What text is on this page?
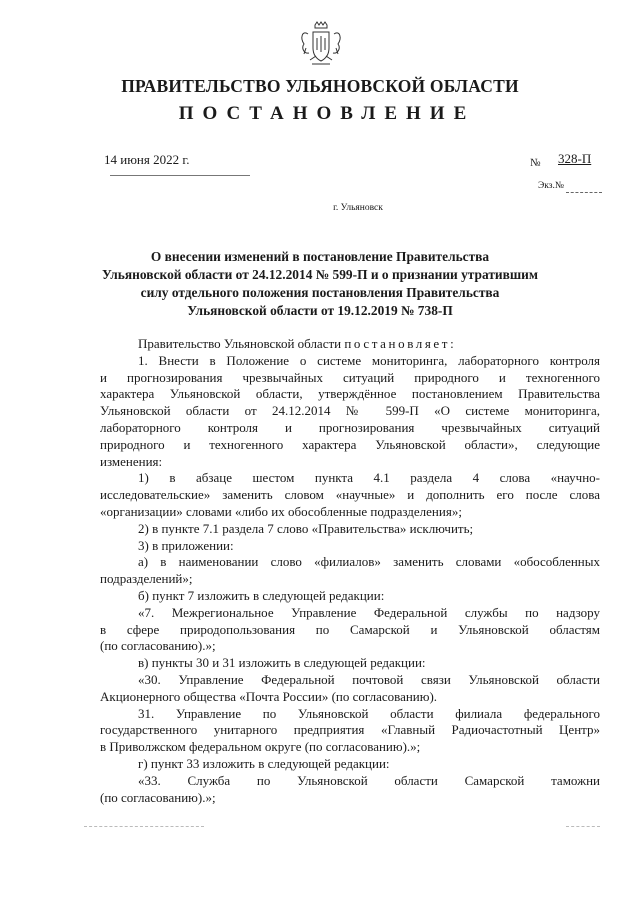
ПРАВИТЕЛЬСТВО УЛЬЯНОВСКОЙ ОБЛАСТИ
ПОСТАНОВЛЕНИЕ
14 июня 2022 г.	№ 328-П
Экз.№
г. Ульяновск
О внесении изменений в постановление Правительства
Ульяновской области от 24.12.2014 № 599-П и о признании утратившим
силу отдельного положения постановления Правительства
Ульяновской области от 19.12.2019 № 738-П
Правительство Ульяновской области постановляет:
1. Внести в Положение о системе мониторинга, лабораторного контроля
и прогнозирования чрезвычайных ситуаций природного и техногенного
характера Ульяновской области, утверждённое постановлением Правительства
Ульяновской области от 24.12.2014 № 599-П «О системе мониторинга,
лабораторного контроля и прогнозирования чрезвычайных ситуаций
природного и техногенного характера Ульяновской области», следующие
изменения:
1) в абзаце шестом пункта 4.1 раздела 4 слова «научно-
исследовательские» заменить словом «научные» и дополнить его после слова
«организации» словами «либо их обособленные подразделения»;
2) в пункте 7.1 раздела 7 слово «Правительства» исключить;
3) в приложении:
а) в наименовании слово «филиалов» заменить словами «обособленных
подразделений»;
б) пункт 7 изложить в следующей редакции:
«7. Межрегиональное Управление Федеральной службы по надзору
в сфере природопользования по Самарской и Ульяновской областям
(по согласованию).»;
в) пункты 30 и 31 изложить в следующей редакции:
«30. Управление Федеральной почтовой связи Ульяновской области
Акционерного общества «Почта России» (по согласованию).
31. Управление по Ульяновской области филиала федерального
государственного унитарного предприятия «Главный Радиочастотный Центр»
в Приволжском федеральном округе (по согласованию).»;
г) пункт 33 изложить в следующей редакции:
«33. Служба по Ульяновской области Самарской таможни
(по согласованию).»;
